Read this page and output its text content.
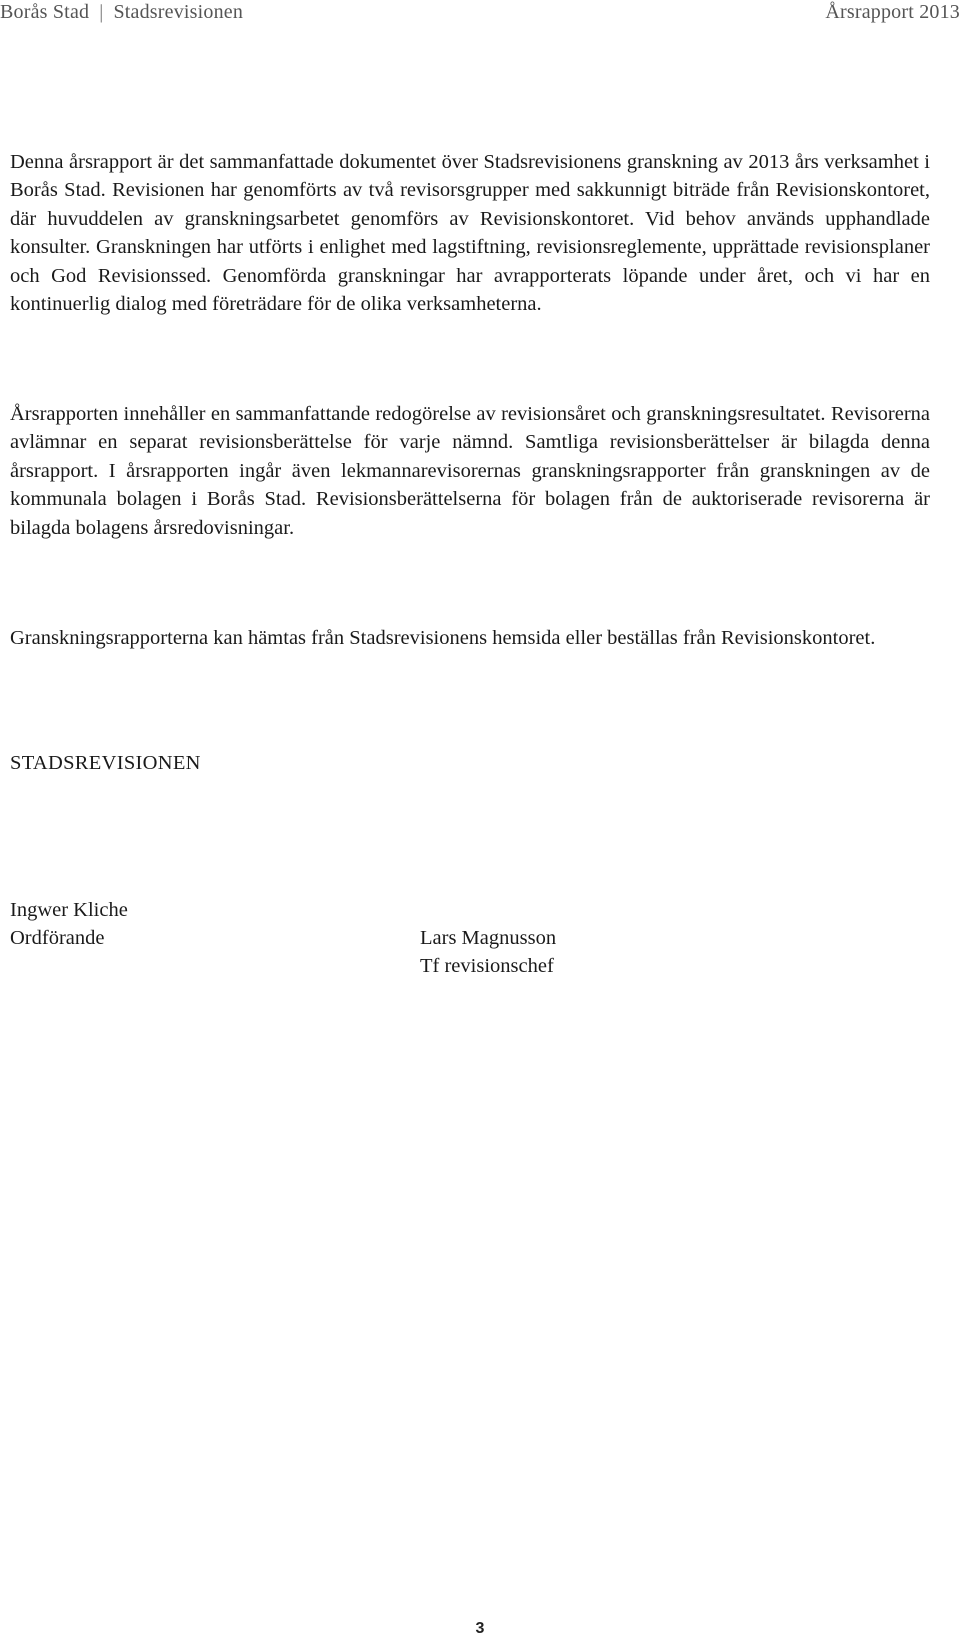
Borås Stad | Stadsrevisionen	Årsrapport 2013

Denna årsrapport är det sammanfattade dokumentet över Stadsrevisionens granskning av 2013 års verksamhet i Borås Stad. Revisionen har genomförts av två revisorsgrupper med sakkunnigt biträde från Revisionskontoret, där huvuddelen av granskningsarbetet genomförs av Revisionskontoret. Vid behov används upphandlade konsulter. Granskningen har utförts i enlighet med lagstiftning, revisionsreglemente, upprättade revisionsplaner och God Revisionssed. Genomförda granskningar har avrapporterats löpande under året, och vi har en kontinuerlig dialog med företrädare för de olika verksamheterna.

Årsrapporten innehåller en sammanfattande redogörelse av revisionsåret och granskningsresultatet. Revisorerna avlämnar en separat revisionsberättelse för varje nämnd. Samtliga revisionsberättelser är bilagda denna årsrapport. I årsrapporten ingår även lekmannarevisorernas granskningsrapporter från granskningen av de kommunala bolagen i Borås Stad. Revisionsberättelserna för bolagen från de auktoriserade revisorerna är bilagda bolagens årsredovisningar.

Granskningsrapporterna kan hämtas från Stadsrevisionens hemsida eller beställas från Revisionskontoret.

STADSREVISIONEN
Ingwer Kliche
Ordförande	Lars Magnusson
Tf revisionschef
3
